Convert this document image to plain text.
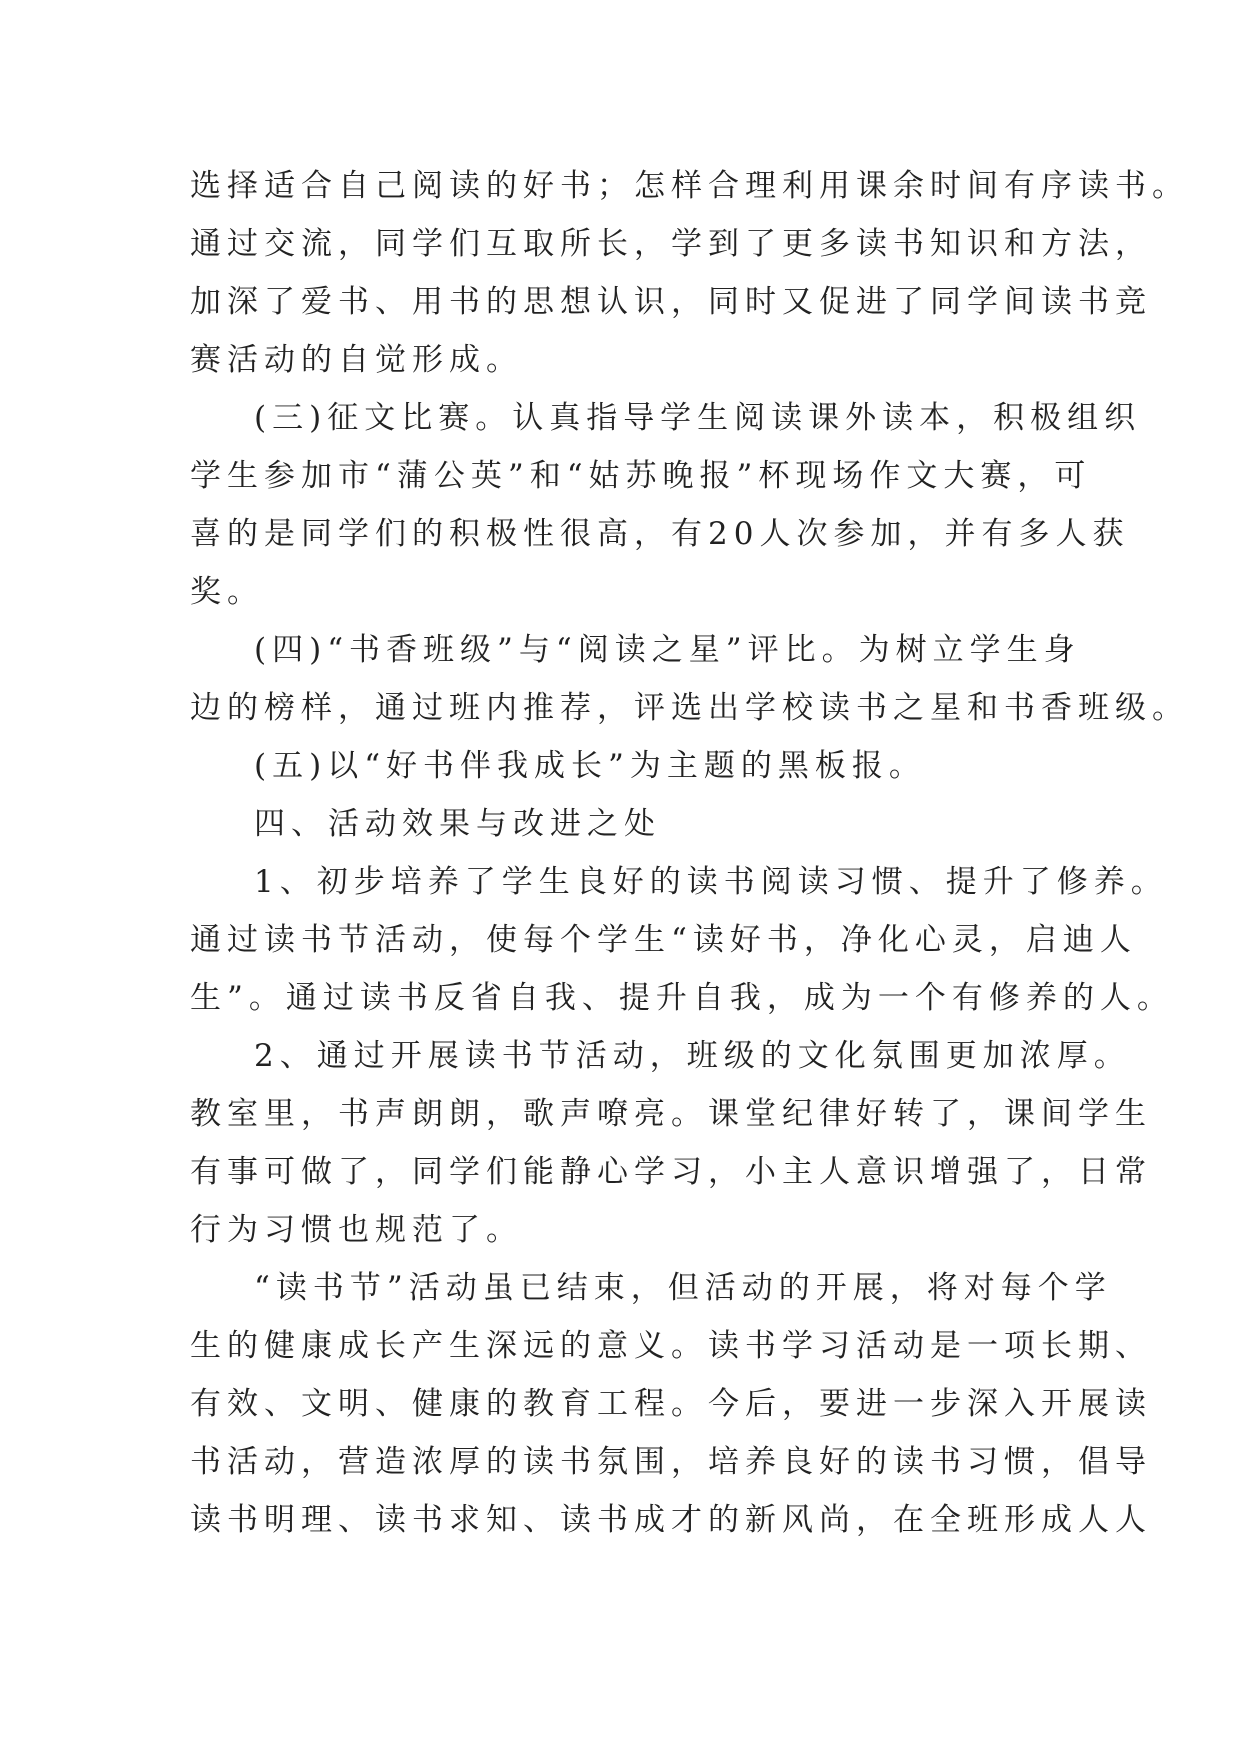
选择适合自己阅读的好书；怎样合理利用课余时间有序读书。
通过交流，同学们互取所长，学到了更多读书知识和方法，
加深了爱书、用书的思想认识，同时又促进了同学间读书竞
赛活动的自觉形成。
(三)征文比赛。认真指导学生阅读课外读本，积极组织
学生参加市“蒲公英”和“姑苏晚报”杯现场作文大赛，可
喜的是同学们的积极性很高，有20人次参加，并有多人获
奖。
(四)“书香班级”与“阅读之星”评比。为树立学生身
边的榜样，通过班内推荐，评选出学校读书之星和书香班级。
(五)以“好书伴我成长”为主题的黑板报。
四、活动效果与改进之处
1、初步培养了学生良好的读书阅读习惯、提升了修养。
通过读书节活动，使每个学生“读好书，净化心灵，启迪人
生”。通过读书反省自我、提升自我，成为一个有修养的人。
2、通过开展读书节活动，班级的文化氛围更加浓厚。
教室里，书声朗朗，歌声嘹亮。课堂纪律好转了，课间学生
有事可做了，同学们能静心学习，小主人意识增强了，日常
行为习惯也规范了。
“读书节”活动虽已结束，但活动的开展，将对每个学
生的健康成长产生深远的意义。读书学习活动是一项长期、
有效、文明、健康的教育工程。今后，要进一步深入开展读
书活动，营造浓厚的读书氛围，培养良好的读书习惯，倡导
读书明理、读书求知、读书成才的新风尚，在全班形成人人
